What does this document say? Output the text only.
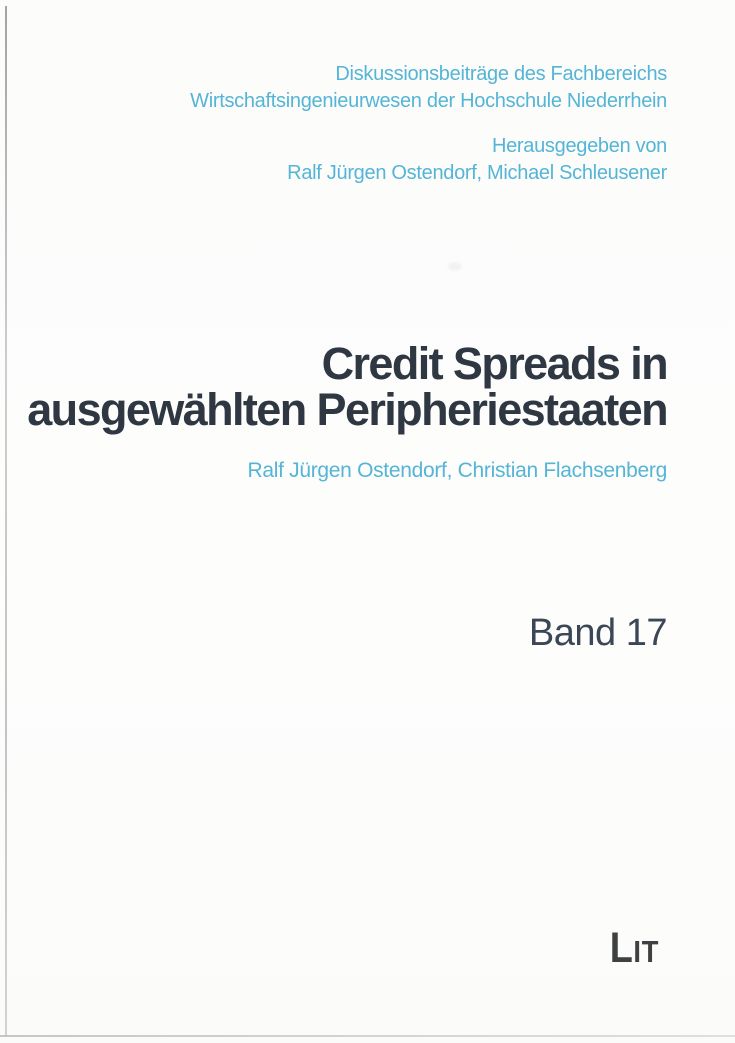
Diskussionsbeiträge des Fachbereichs
Wirtschaftsingenieurwesen der Hochschule Niederrhein
Herausgegeben von
Ralf Jürgen Ostendorf, Michael Schleusener
Credit Spreads in
ausgewählten Peripheriestaaten
Ralf Jürgen Ostendorf, Christian Flachsenberg
Band 17
LIT
